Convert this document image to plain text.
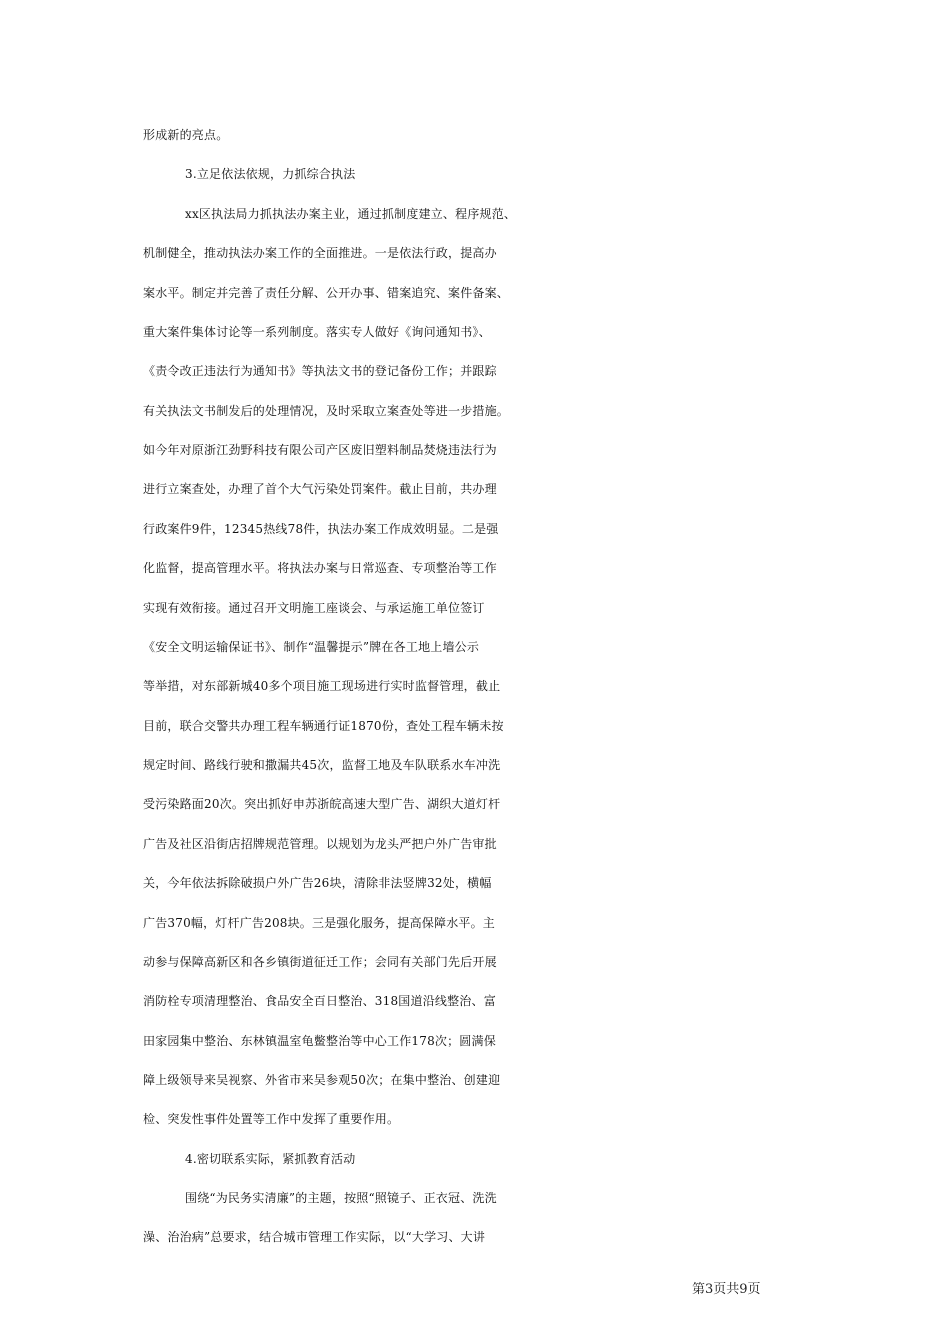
形成新的亮点。
3.立足依法依规，力抓综合执法
xx区执法局力抓执法办案主业，通过抓制度建立、程序规范、
机制健全，推动执法办案工作的全面推进。一是依法行政，提高办
案水平。制定并完善了责任分解、公开办事、错案追究、案件备案、
重大案件集体讨论等一系列制度。落实专人做好《询问通知书》、
《责令改正违法行为通知书》等执法文书的登记备份工作；并跟踪
有关执法文书制发后的处理情况，及时采取立案查处等进一步措施。
如今年对原浙江劲野科技有限公司产区废旧塑料制品焚烧违法行为
进行立案查处，办理了首个大气污染处罚案件。截止目前，共办理
行政案件9件，12345热线78件，执法办案工作成效明显。二是强
化监督，提高管理水平。将执法办案与日常巡查、专项整治等工作
实现有效衔接。通过召开文明施工座谈会、与承运施工单位签订
《安全文明运输保证书》、制作“温馨提示”牌在各工地上墙公示
等举措，对东部新城40多个项目施工现场进行实时监督管理，截止
目前，联合交警共办理工程车辆通行证1870份，查处工程车辆未按
规定时间、路线行驶和撒漏共45次，监督工地及车队联系水车冲洗
受污染路面20次。突出抓好申苏浙皖高速大型广告、湖织大道灯杆
广告及社区沿街店招牌规范管理。以规划为龙头严把户外广告审批
关，今年依法拆除破损户外广告26块，清除非法竖牌32处，横幅
广告370幅，灯杆广告208块。三是强化服务，提高保障水平。主
动参与保障高新区和各乡镇街道征迁工作；会同有关部门先后开展
消防栓专项清理整治、食品安全百日整治、318国道沿线整治、富
田家园集中整治、东林镇温室龟鳖整治等中心工作178次；圆满保
障上级领导来吴视察、外省市来吴参观50次；在集中整治、创建迎
检、突发性事件处置等工作中发挥了重要作用。
4.密切联系实际，紧抓教育活动
围绕“为民务实清廉”的主题，按照“照镜子、正衣冠、洗洗
澡、治治病”总要求，结合城市管理工作实际，以“大学习、大讲
第3页共9页
